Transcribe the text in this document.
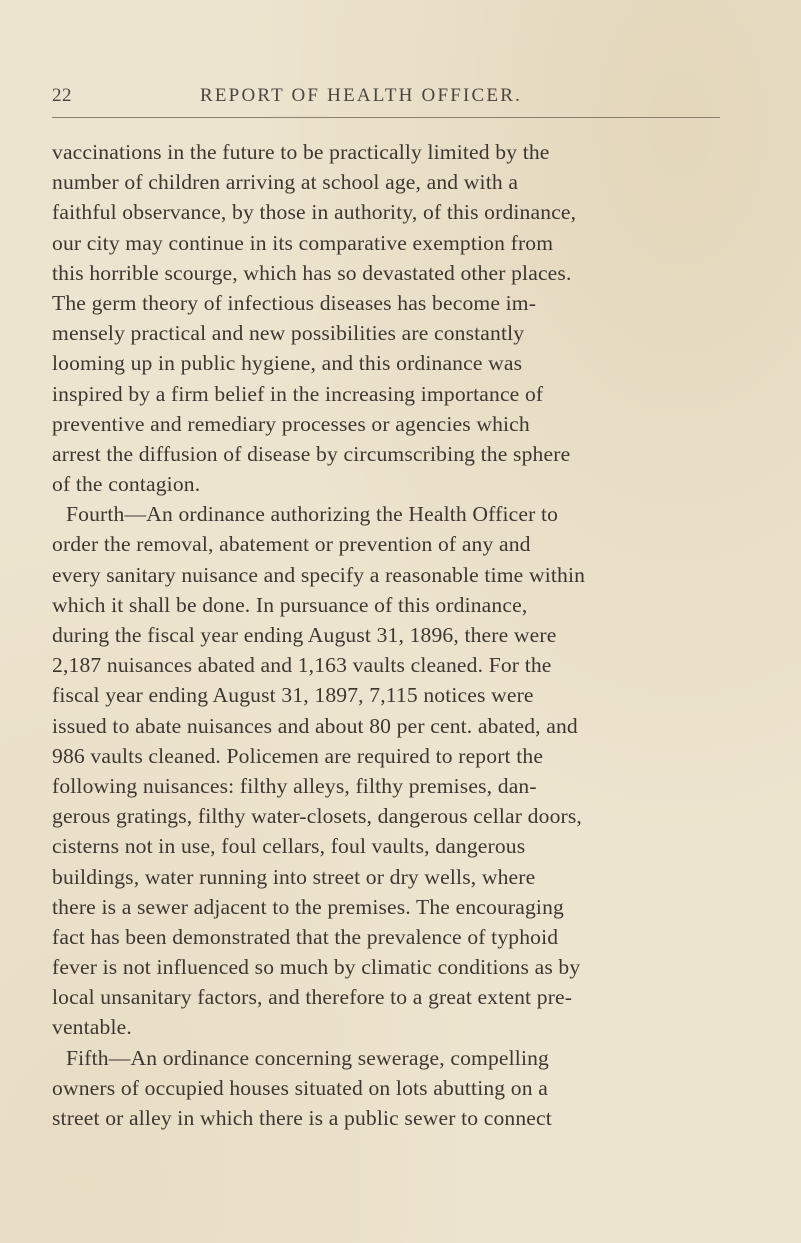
22	REPORT OF HEALTH OFFICER.
vaccinations in the future to be practically limited by the
number of children arriving at school age, and with a
faithful observance, by those in authority, of this ordinance,
our city may continue in its comparative exemption from
this horrible scourge, which has so devastated other places.
The germ theory of infectious diseases has become im-
mensely practical and new possibilities are constantly
looming up in public hygiene, and this ordinance was
inspired by a firm belief in the increasing importance of
preventive and remediary processes or agencies which
arrest the diffusion of disease by circumscribing the sphere
of the contagion.
Fourth—An ordinance authorizing the Health Officer to
order the removal, abatement or prevention of any and
every sanitary nuisance and specify a reasonable time within
which it shall be done. In pursuance of this ordinance,
during the fiscal year ending August 31, 1896, there were
2,187 nuisances abated and 1,163 vaults cleaned. For the
fiscal year ending August 31, 1897, 7,115 notices were
issued to abate nuisances and about 80 per cent. abated, and
986 vaults cleaned. Policemen are required to report the
following nuisances: filthy alleys, filthy premises, dan-
gerous gratings, filthy water-closets, dangerous cellar doors,
cisterns not in use, foul cellars, foul vaults, dangerous
buildings, water running into street or dry wells, where
there is a sewer adjacent to the premises. The encouraging
fact has been demonstrated that the prevalence of typhoid
fever is not influenced so much by climatic conditions as by
local unsanitary factors, and therefore to a great extent pre-
ventable.
Fifth—An ordinance concerning sewerage, compelling
owners of occupied houses situated on lots abutting on a
street or alley in which there is a public sewer to connect
